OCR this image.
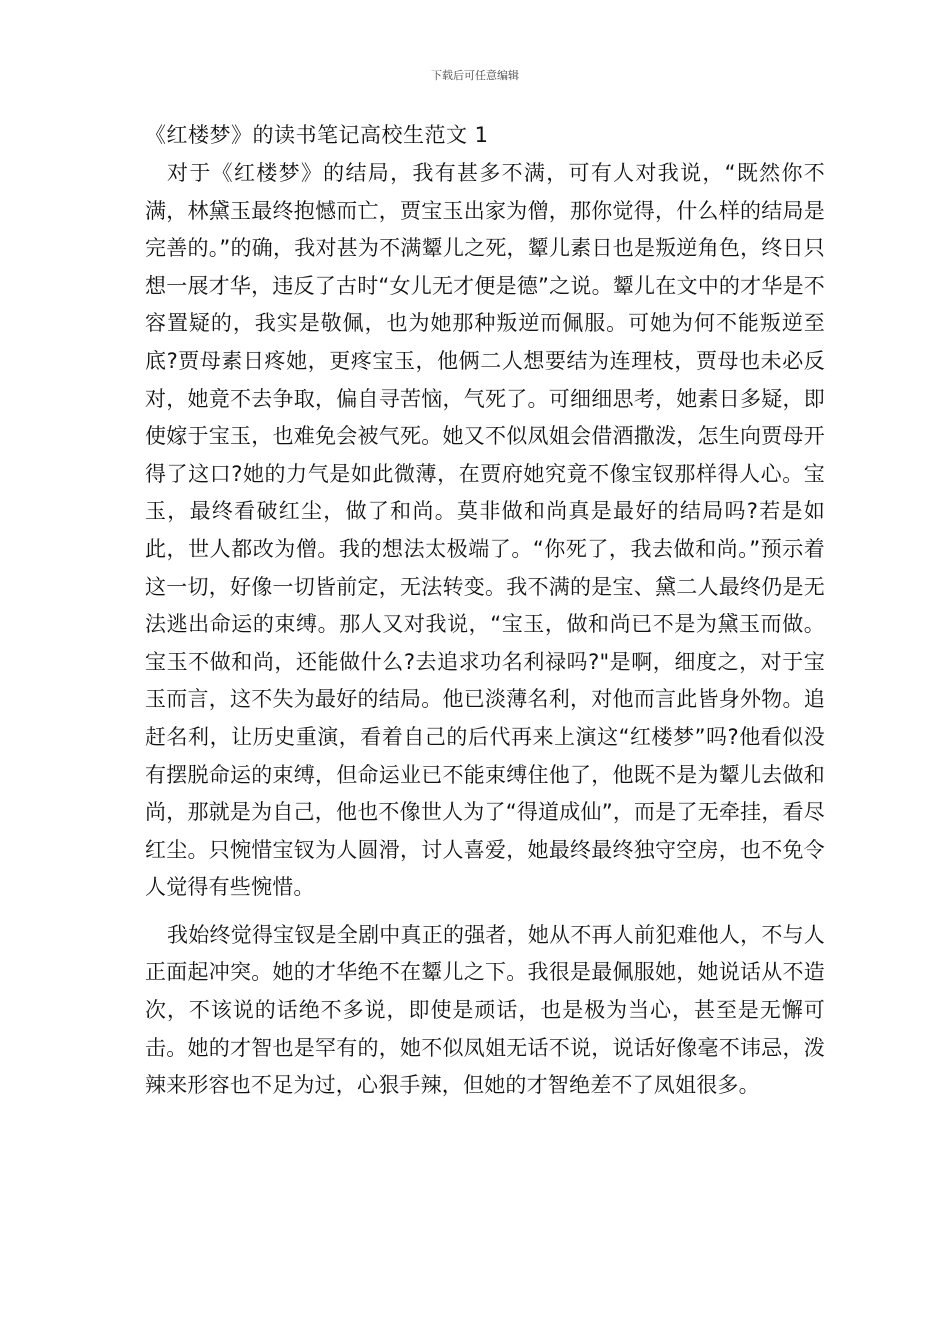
下载后可任意编辑
《红楼梦》的读书笔记高校生范文 1

对于《红楼梦》的结局，我有甚多不满，可有人对我说，“既然你不满，林黛玉最终抱憾而亡，贾宝玉出家为僧，那你觉得，什么样的结局是完善的。”的确，我对甚为不满颦儿之死，颦儿素日也是叛逆角色，终日只想一展才华，违反了古时“女儿无才便是德”之说。颦儿在文中的才华是不容置疑的，我实是敬佩，也为她那种叛逆而佩服。可她为何不能叛逆至底?贾母素日疼她，更疼宝玉，他俩二人想要结为连理枝，贾母也未必反对，她竟不去争取，偏自寻苦恼，气死了。可细细思考，她素日多疑，即使嫁于宝玉，也难免会被气死。她又不似凤姐会借酒撒泼，怎生向贾母开得了这口?她的力气是如此微薄，在贾府她究竟不像宝钗那样得人心。宝玉，最终看破红尘，做了和尚。莫非做和尚真是最好的结局吗?若是如此，世人都改为僧。我的想法太极端了。“你死了，我去做和尚。”预示着这一切，好像一切皆前定，无法转变。我不满的是宝、黛二人最终仍是无法逃出命运的束缚。那人又对我说，“宝玉，做和尚已不是为黛玉而做。宝玉不做和尚，还能做什么?去追求功名利禄吗?"是啊，细度之，对于宝玉而言，这不失为最好的结局。他已淡薄名利，对他而言此皆身外物。追赶名利，让历史重演，看着自己的后代再来上演这“红楼梦”吗?他看似没有摆脱命运的束缚，但命运业已不能束缚住他了，他既不是为颦儿去做和尚，那就是为自己，他也不像世人为了“得道成仙”，而是了无牵挂，看尽红尘。只惋惜宝钗为人圆滑，讨人喜爱，她最终最终独守空房，也不免令人觉得有些惋惜。

我始终觉得宝钗是全剧中真正的强者，她从不再人前犯难他人，不与人正面起冲突。她的才华绝不在颦儿之下。我很是最佩服她，她说话从不造次，不该说的话绝不多说，即使是顽话，也是极为当心，甚至是无懈可击。她的才智也是罕有的，她不似凤姐无话不说，说话好像毫不讳忌，泼辣来形容也不足为过，心狠手辣，但她的才智绝差不了凤姐很多。
